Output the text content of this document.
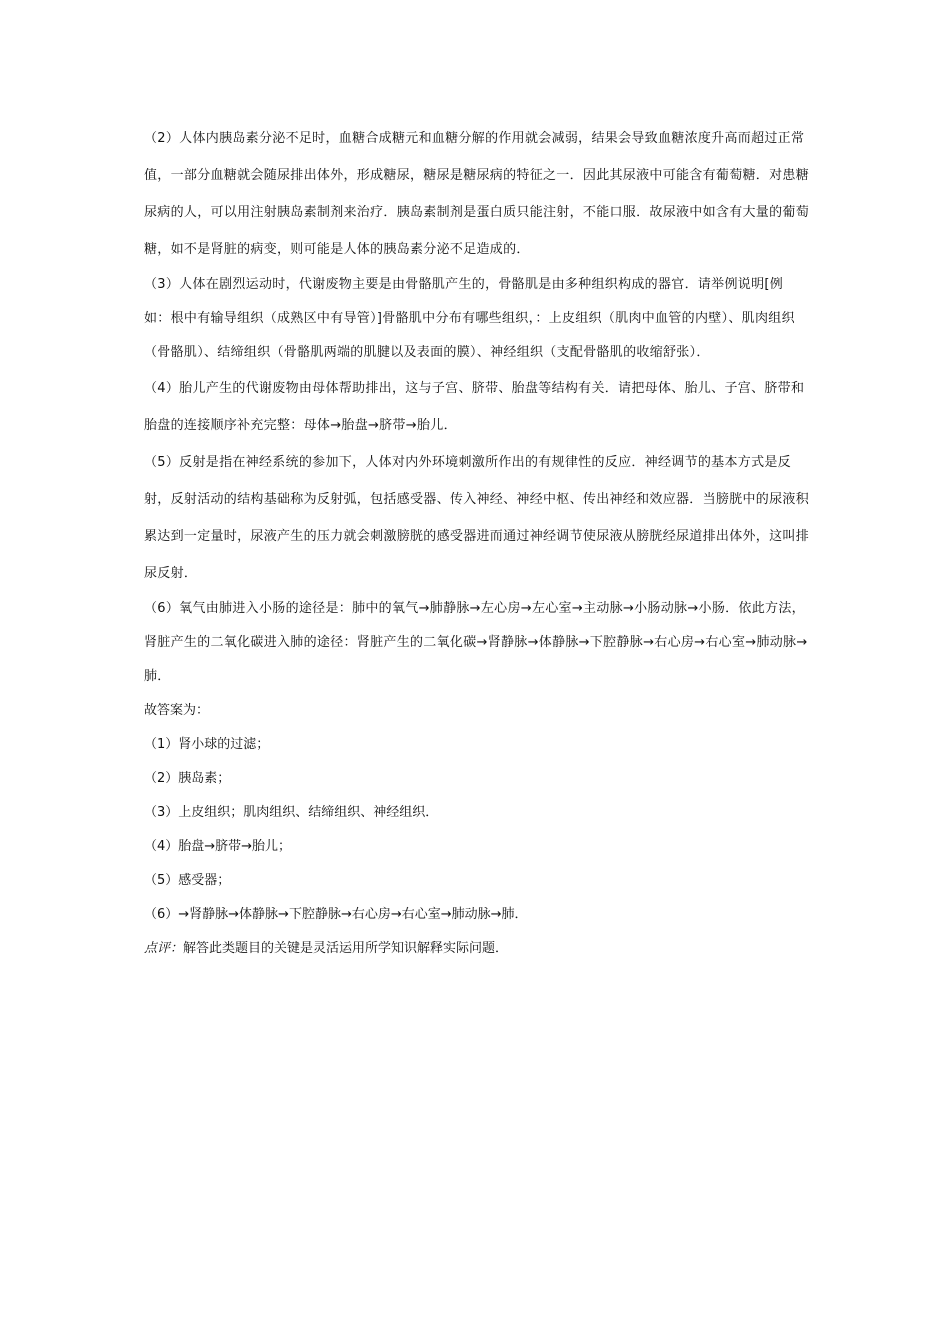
（2）人体内胰岛素分泌不足时，血糖合成糖元和血糖分解的作用就会减弱，结果会导致血糖浓度升高而超过正常值，一部分血糖就会随尿排出体外，形成糖尿，糖尿是糖尿病的特征之一．因此其尿液中可能含有葡萄糖．对患糖尿病的人，可以用注射胰岛素制剂来治疗．胰岛素制剂是蛋白质只能注射，不能口服．故尿液中如含有大量的葡萄糖，如不是肾脏的病变，则可能是人体的胰岛素分泌不足造成的．

（3）人体在剧烈运动时，代谢废物主要是由骨骼肌产生的，骨骼肌是由多种组织构成的器官．请举例说明[例如：根中有输导组织（成熟区中有导管）]骨骼肌中分布有哪些组织，：上皮组织（肌肉中血管的内壁）、肌肉组织（骨骼肌）、结缔组织（骨骼肌两端的肌腱以及表面的膜）、神经组织（支配骨骼肌的收缩舒张）．

（4）胎儿产生的代谢废物由母体帮助排出，这与子宫、脐带、胎盘等结构有关．请把母体、胎儿、子宫、脐带和胎盘的连接顺序补充完整：母体→胎盘→脐带→胎儿．

（5）反射是指在神经系统的参加下，人体对内外环境刺激所作出的有规律性的反应．神经调节的基本方式是反射，反射活动的结构基础称为反射弧，包括感受器、传入神经、神经中枢、传出神经和效应器．当膀胱中的尿液积累达到一定量时，尿液产生的压力就会刺激膀胱的感受器进而通过神经调节使尿液从膀胱经尿道排出体外，这叫排尿反射．

（6）氧气由肺进入小肠的途径是：肺中的氧气→肺静脉→左心房→左心室→主动脉→小肠动脉→小肠．依此方法，肾脏产生的二氧化碳进入肺的途径：肾脏产生的二氧化碳→肾静脉→体静脉→下腔静脉→右心房→右心室→肺动脉→肺．

故答案为：

（1）肾小球的过滤；

（2）胰岛素；

（3）上皮组织；肌肉组织、结缔组织、神经组织．

（4）胎盘→脐带→胎儿；

（5）感受器；

（6）→肾静脉→体静脉→下腔静脉→右心房→右心室→肺动脉→肺．

点评：解答此类题目的关键是灵活运用所学知识解释实际问题．
